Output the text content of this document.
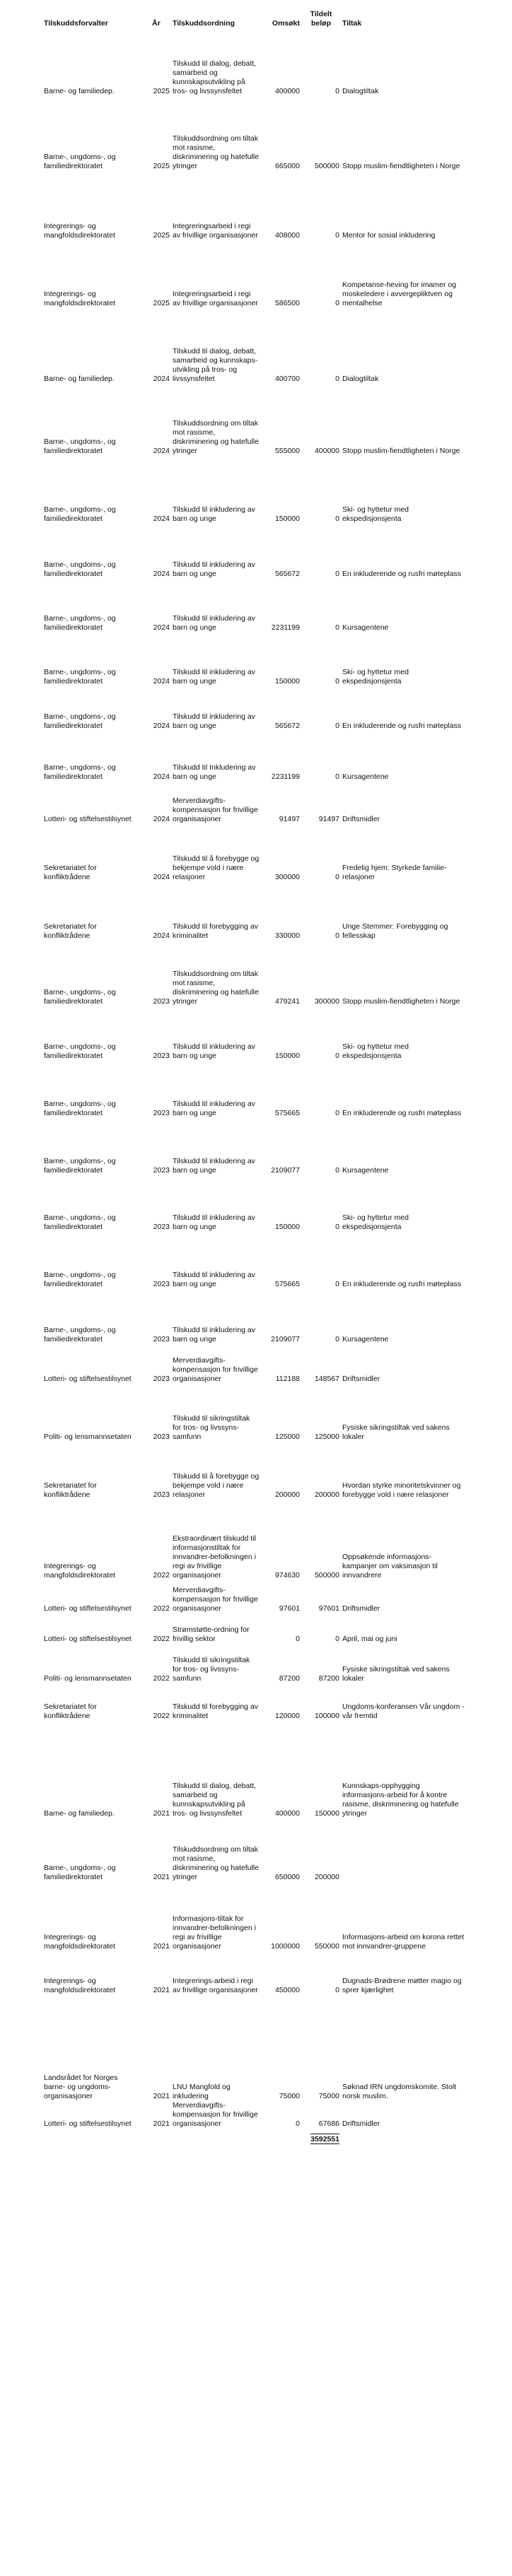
Tilskuddsforvalter	År	Tilskuddsordning	Omsøkt	Tildelt beløp	Tiltak
Barne- og familiedep.	2025	Tilskudd til dialog, debatt, samarbeid og kunnskapsutvikling på tros- og livssynsfeltet	400000	0	Dialogtiltak
Barne-, ungdoms-, og familiedirektoratet	2025	Tilskuddsordning om tiltak mot rasisme, diskriminering og hatefulle ytringer	665000	500000	Stopp muslim-fiendtligheten i Norge
Integrerings- og mangfoldsdirektoratet	2025	Integreringsarbeid i regi av frivillige organisasjoner	408000	0	Mentor for sosial inkludering
Integrerings- og mangfoldsdirektoratet	2025	Integreringsarbeid i regi av frivillige organisasjoner	586500	0	Kompetanse-heving for imamer og moskeledere i avvergepliktven og mentalhelse
Barne- og familiedep.	2024	Tilskudd til dialog, debatt, samarbeid og kunnskaps-utvikling på tros- og livssynsfeltet	400700	0	Dialogtiltak
Barne-, ungdoms-, og familiedirektoratet	2024	Tilskuddsordning om tiltak mot rasisme, diskriminering og hatefulle ytringer	555000	400000	Stopp muslim-fiendtligheten i Norge
Barne-, ungdoms-, og familiedirektoratet	2024	Tilskudd til inkludering av barn og unge	150000	0	Ski- og hyttetur med ekspedisjonsjenta
Barne-, ungdoms-, og familiedirektoratet	2024	Tilskudd til inkludering av barn og unge	565672	0	En inkluderende og rusfri møteplass
Barne-, ungdoms-, og familiedirektoratet	2024	Tilskudd til inkludering av barn og unge	2231199	0	Kursagentene
Barne-, ungdoms-, og familiedirektoratet	2024	Tilskudd til inkludering av barn og unge	150000	0	Ski- og hyttetur med ekspedisjonsjenta
Barne-, ungdoms-, og familiedirektoratet	2024	Tilskudd til inkludering av barn og unge	565672	0	En inkluderende og rusfri møteplass
Barne-, ungdoms-, og familiedirektoratet	2024	Tilskudd til Inkludering av barn og unge	2231199	0	Kursagentene
Lotteri- og stiftelsestilsynet	2024	Merverdiavgifts-kompensasjon for frivillige organisasjoner	91497	91497	Driftsmidler
Sekretariatet for konfliktrådene	2024	Tilskudd til å forebygge og bekjempe vold i nære relasjoner	300000	0	Fredelig hjem: Styrkede familie-relasjoner
Sekretariatet for konfliktrådene	2024	Tilskudd til forebygging av kriminalitet	330000	0	Unge Stemmer: Forebygging og fellesskap
Barne-, ungdoms-, og familiedirektoratet	2023	Tilskuddsordning om tiltak mot rasisme, diskriminering og hatefulle ytringer	479241	300000	Stopp muslim-fiendtligheten i Norge
Barne-, ungdoms-, og familiedirektoratet	2023	Tilskudd til inkludering av barn og unge	150000	0	Ski- og hyttetur med ekspedisjonsjenta
Barne-, ungdoms-, og familiedirektoratet	2023	Tilskudd til inkludering av barn og unge	575665	0	En inkluderende og rusfri møteplass
Barne-, ungdoms-, og familiedirektoratet	2023	Tilskudd til inkludering av barn og unge	2109077	0	Kursagentene
Barne-, ungdoms-, og familiedirektoratet	2023	Tilskudd til inkludering av barn og unge	150000	0	Ski- og hyttetur med ekspedisjonsjenta
Barne-, ungdoms-, og familiedirektoratet	2023	Tilskudd til inkludering av barn og unge	575665	0	En inkluderende og rusfri møteplass
Barne-, ungdoms-, og familiedirektoratet	2023	Tilskudd til inkludering av barn og unge	2109077	0	Kursagentene
Lotteri- og stiftelsestilsynet	2023	Merverdiavgifts-kompensasjon for frivillige organisasjoner	112188	148567	Driftsmidler
Politi- og lensmannsetaten	2023	Tilskudd til sikringstiltak for tros- og livssyns-samfunn	125000	125000	Fysiske sikringstiltak ved sakens lokaler
Sekretariatet for konfliktrådene	2023	Tilskudd til å forebygge og bekjempe vold i nære relasjoner	200000	200000	Hvordan styrke minoritetskvinner og forebygge vold i nære relasjoner
Integrerings- og mangfoldsdirektoratet	2022	Ekstraordinært tilskudd til informasjonstiltak for innvandrer-befolkningen i regi av frivillige organisasjoner	974630	500000	Oppsøkende informasjons-kampanjer om vaksinasjon til innvandrere
Lotteri- og stiftelsestilsynet	2022	Merverdiavgifts-kompensasjon for frivillige organisasjoner	97601	97601	Driftsmidler
Lotteri- og stiftelsestilsynet	2022	Strømstøtte-ordning for frivillig sektor	0	0	April, mai og juni
Politi- og lensmannsetaten	2022	Tilskudd til sikringstiltak for tros- og livssyns-samfunn	87200	87200	Fysiske sikringstiltak ved sakens lokaler
Sekretariatet for konfliktrådene	2022	Tilskudd til forebygging av kriminalitet	120000	100000	Ungdoms-konferansen Vår ungdom - vår fremtid
Barne- og familiedep.	2021	Tilskudd til dialog, debatt, samarbeid og kunnskapsutvikling på tros- og livssynsfeltet	400000	150000	Kunnskaps-opphygging informasjons-arbeid for å kontre rasisme, diskriminering og hatefulle ytringer
Barne-, ungdoms-, og familiedirektoratet	2021	Tilskuddsordning om tiltak mot rasisme, diskriminering og hatefulle ytringer	650000	200000	
Integrerings- og mangfoldsdirektoratet	2021	Informasjons-tiltak for innvandrer-befolkningen i regi av frivillige organisasjoner	1000000	550000	Informasjons-arbeid om korona rettet mot innvandrer-gruppene
Integrerings- og mangfoldsdirektoratet	2021	Integrerings-arbeid i regi av frivillige organisasjoner	450000	0	Dugnads-Brødrene møtter magio og sprer kjærlighet
Landsrådet for Norges barne- og ungdoms-organisasjoner	2021	LNU Mangfold og inkludering	75000	75000	Søknad IRN ungdomskomite. Stolt norsk muslim.
Lotteri- og stiftelsestilsynet	2021	Merverdiavgifts-kompensasjon for frivillige organisasjoner	0	67686	Driftsmidler
				3592551	
